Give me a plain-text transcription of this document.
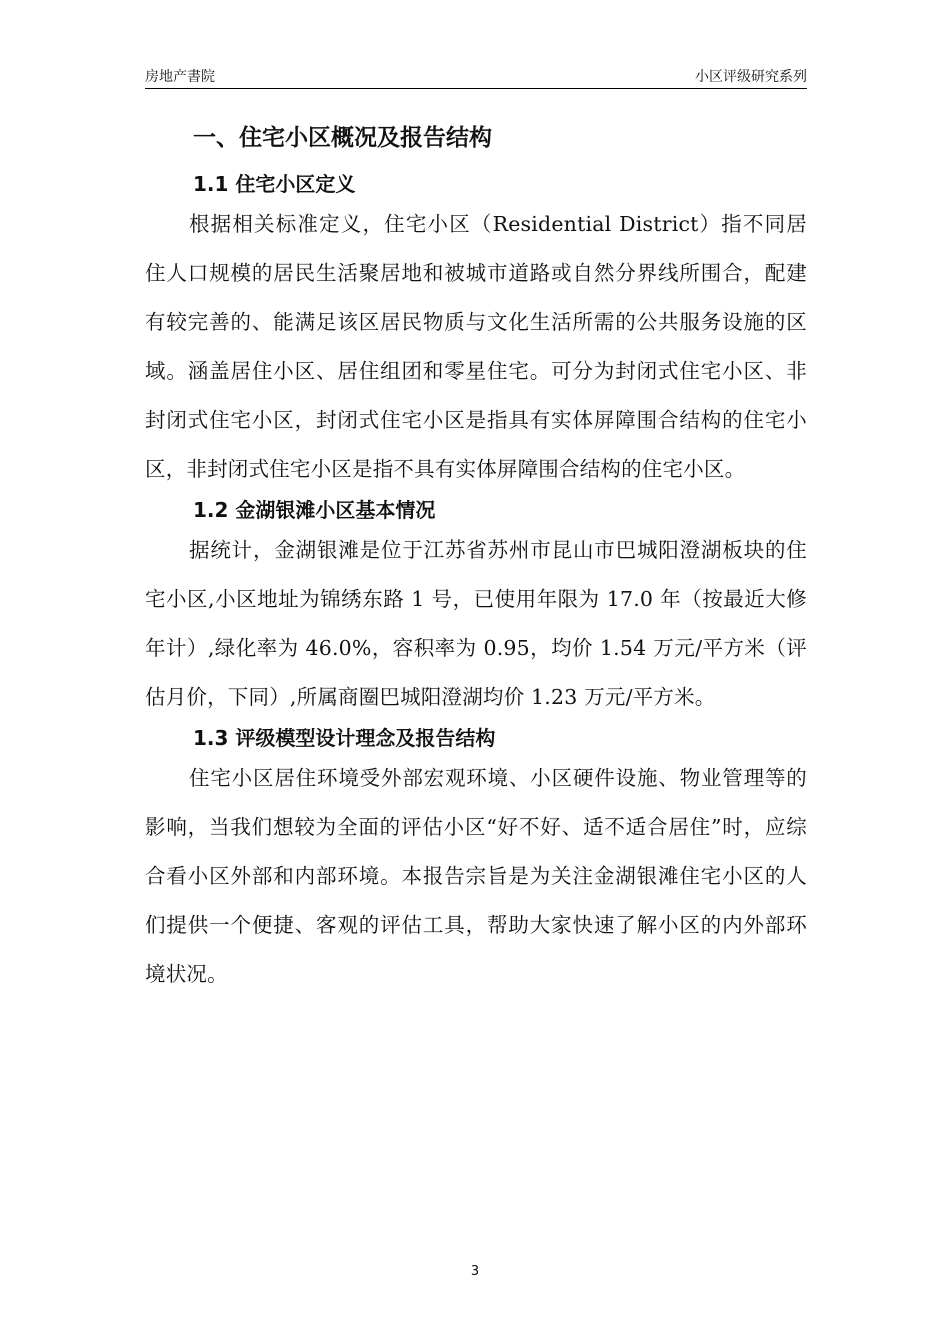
房地产書院	小区评级研究系列
一、住宅小区概况及报告结构
1.1 住宅小区定义

根据相关标准定义，住宅小区（Residential District）指不同居住人口规模的居民生活聚居地和被城市道路或自然分界线所围合，配建有较完善的、能满足该区居民物质与文化生活所需的公共服务设施的区域。涵盖居住小区、居住组团和零星住宅。可分为封闭式住宅小区、非封闭式住宅小区，封闭式住宅小区是指具有实体屏障围合结构的住宅小区，非封闭式住宅小区是指不具有实体屏障围合结构的住宅小区。

1.2 金湖银滩小区基本情况

据统计，金湖银滩是位于江苏省苏州市昆山市巴城阳澄湖板块的住宅小区,小区地址为锦绣东路 1 号，已使用年限为 17.0 年（按最近大修年计）,绿化率为 46.0%，容积率为 0.95，均价 1.54 万元/平方米（评估月价，下同）,所属商圈巴城阳澄湖均价 1.23 万元/平方米。

1.3 评级模型设计理念及报告结构

住宅小区居住环境受外部宏观环境、小区硬件设施、物业管理等的影响，当我们想较为全面的评估小区“好不好、适不适合居住”时，应综合看小区外部和内部环境。本报告宗旨是为关注金湖银滩住宅小区的人们提供一个便捷、客观的评估工具，帮助大家快速了解小区的内外部环境状况。

3
